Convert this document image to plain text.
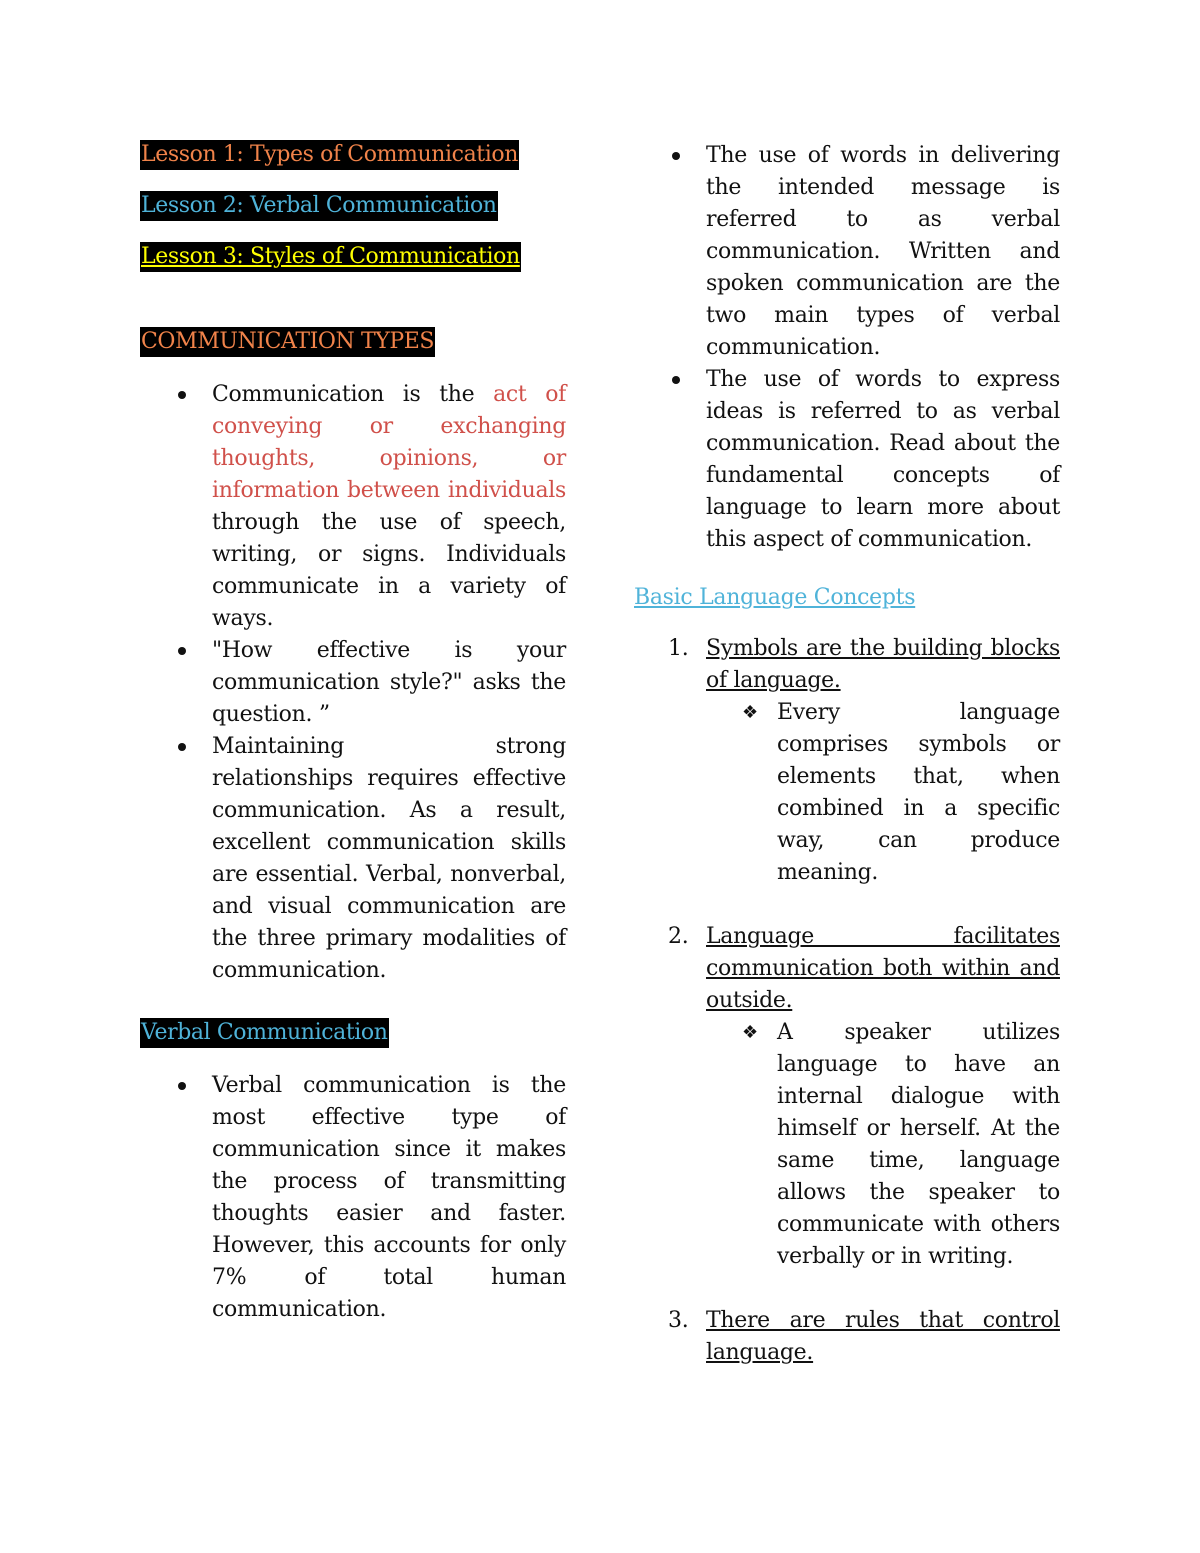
Lesson 1: Types of Communication
Lesson 2: Verbal Communication
Lesson 3: Styles of Communication
COMMUNICATION TYPES
Communication is the act of conveying or exchanging thoughts, opinions, or information between individuals through the use of speech, writing, or signs. Individuals communicate in a variety of ways.
"How effective is your communication style?" asks the question. ”
Maintaining strong relationships requires effective communication. As a result, excellent communication skills are essential. Verbal, nonverbal, and visual communication are the three primary modalities of communication.
Verbal Communication
Verbal communication is the most effective type of communication since it makes the process of transmitting thoughts easier and faster. However, this accounts for only 7% of total human communication.
The use of words in delivering the intended message is referred to as verbal communication. Written and spoken communication are the two main types of verbal communication.
The use of words to express ideas is referred to as verbal communication. Read about the fundamental concepts of language to learn more about this aspect of communication.
Basic Language Concepts
1. Symbols are the building blocks of language.
❖ Every language comprises symbols or elements that, when combined in a specific way, can produce meaning.
2. Language facilitates communication both within and outside.
❖ A speaker utilizes language to have an internal dialogue with himself or herself. At the same time, language allows the speaker to communicate with others verbally or in writing.
3. There are rules that control language.
